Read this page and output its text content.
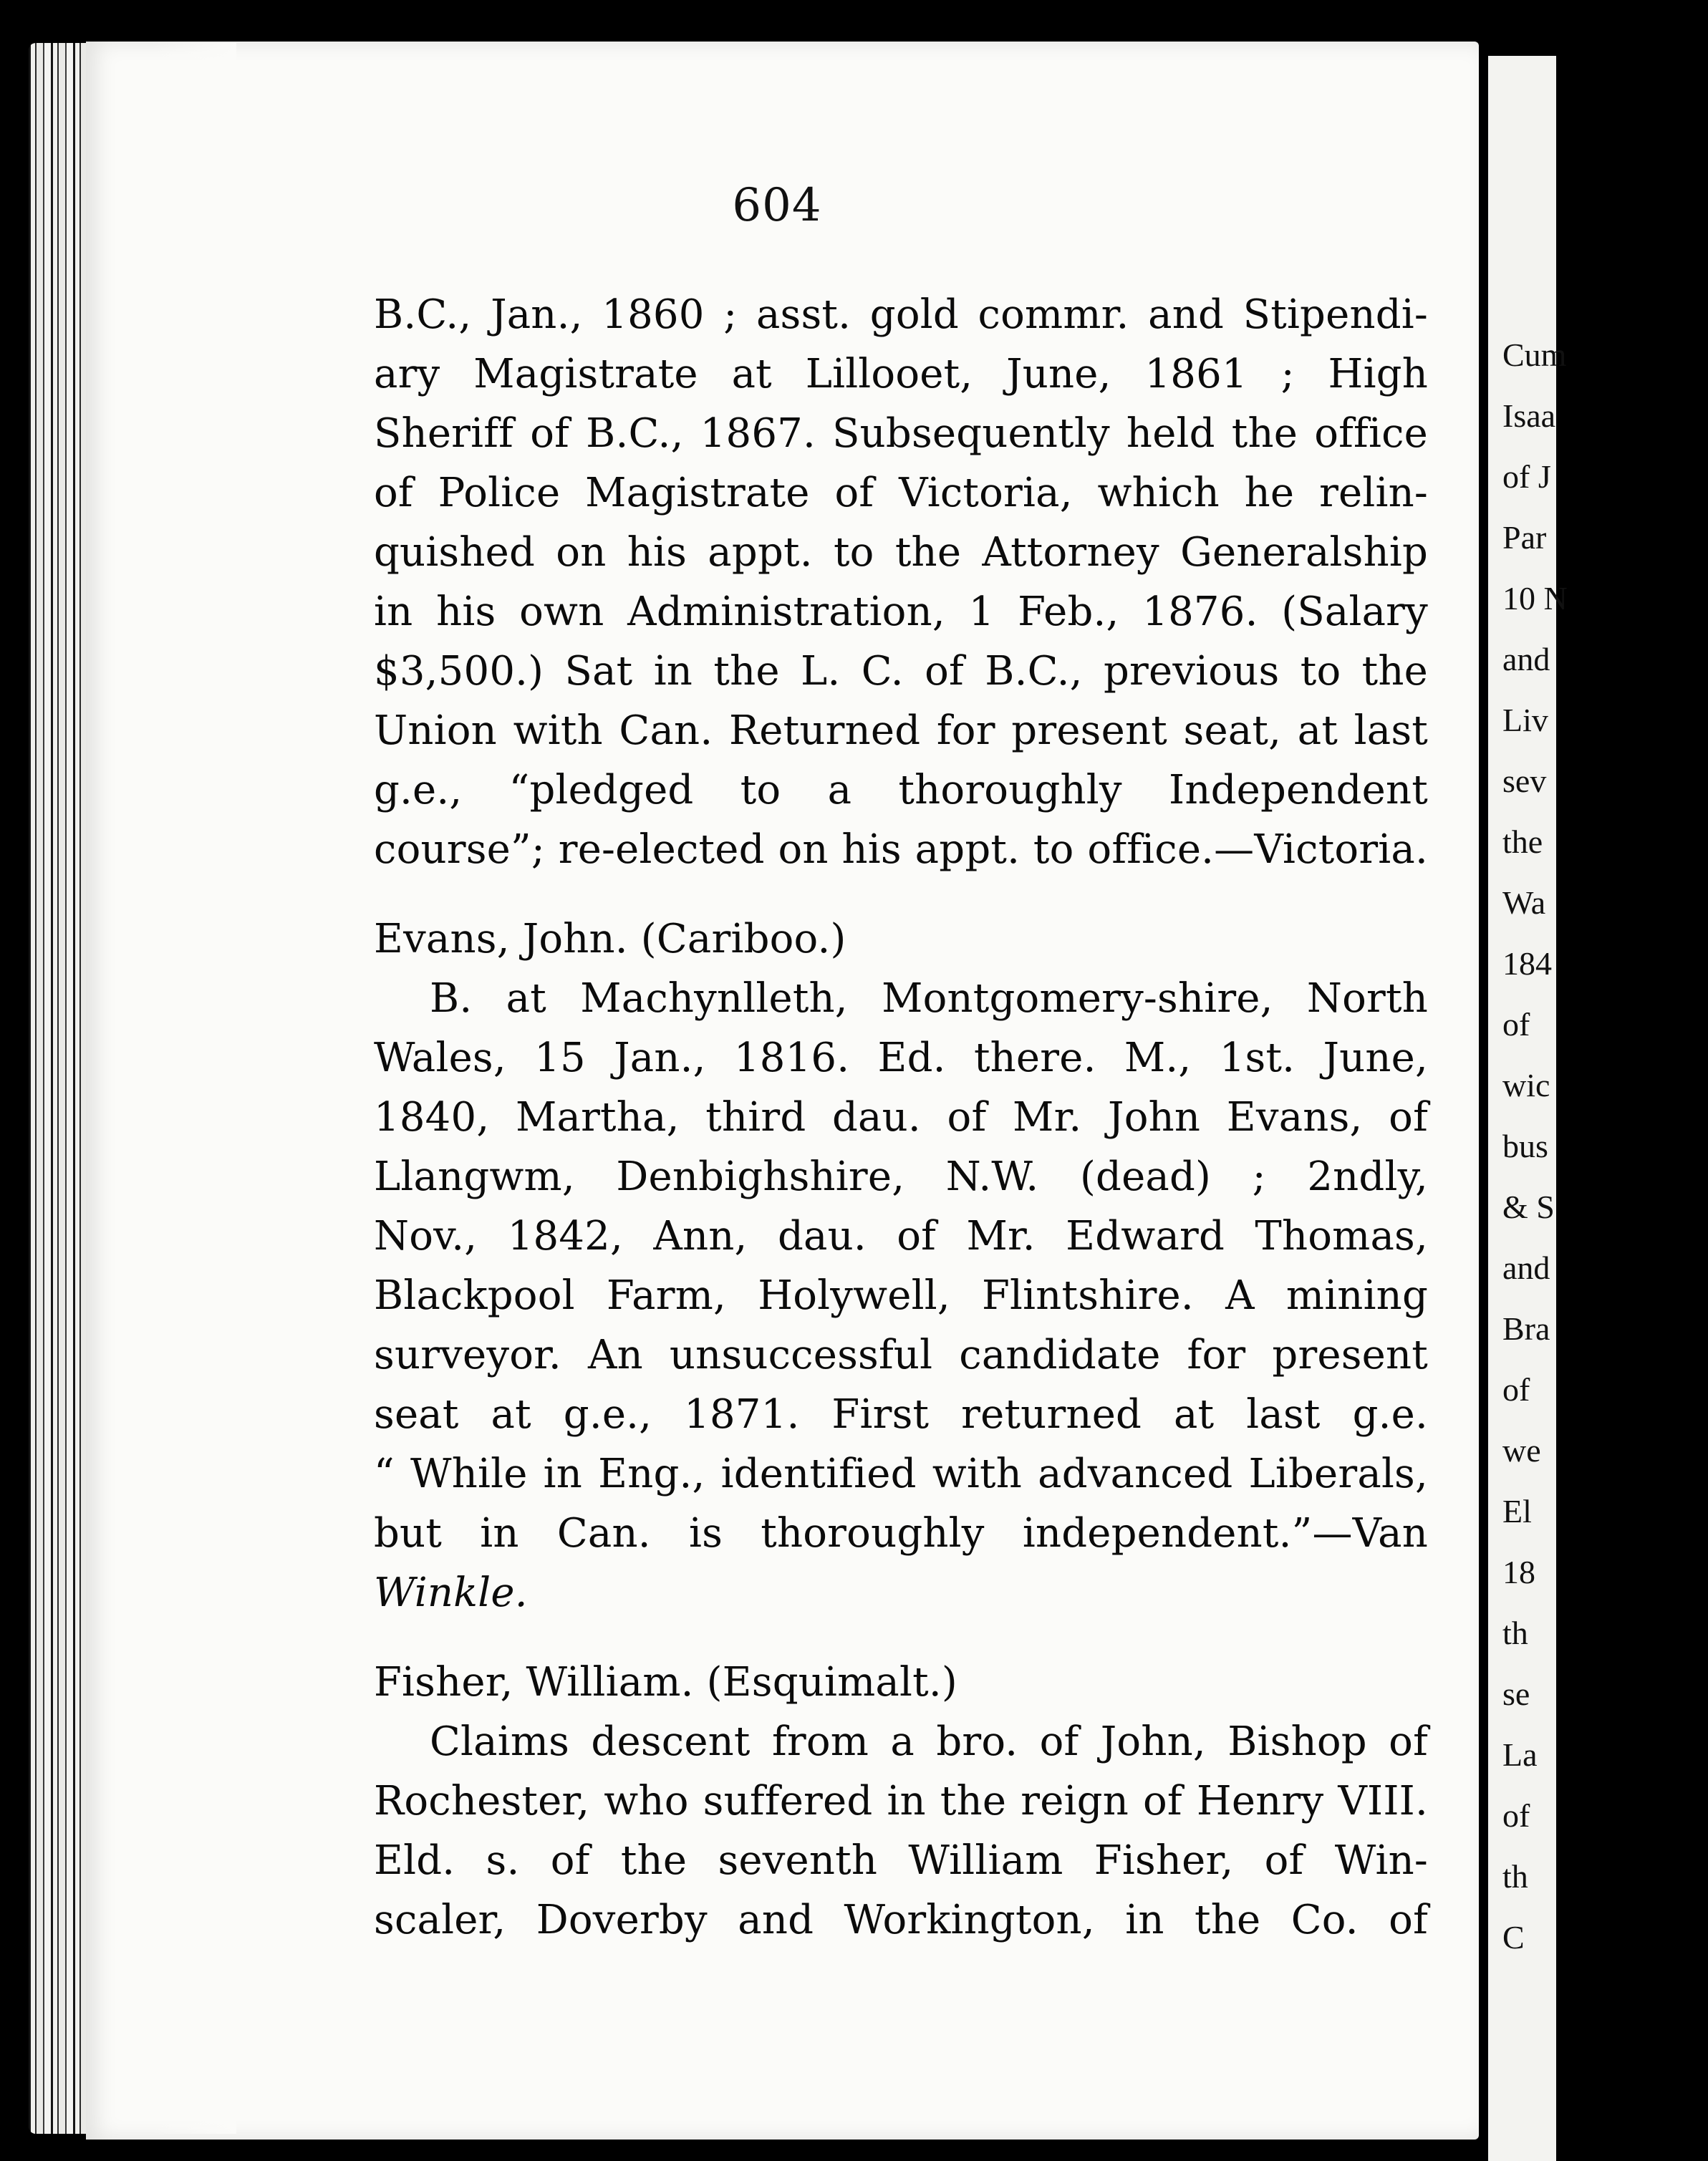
604
B.C., Jan., 1860 ; asst. gold commr. and Stipendi-
ary Magistrate at Lillooet, June, 1861 ; High
Sheriff of B.C., 1867. Subsequently held the office
of Police Magistrate of Victoria, which he relin-
quished on his appt. to the Attorney Generalship
in his own Administration, 1 Feb., 1876. (Salary
$3,500.) Sat in the L. C. of B.C., previous to the
Union with Can. Returned for present seat, at last
g.e., “pledged to a thoroughly Independent
course”; re-elected on his appt. to office.—Victoria.
Evans, John. (Cariboo.)
B. at Machynlleth, Montgomery-shire, North
Wales, 15 Jan., 1816. Ed. there. M., 1st. June,
1840, Martha, third dau. of Mr. John Evans, of
Llangwm, Denbighshire, N.W. (dead) ; 2ndly,
Nov., 1842, Ann, dau. of Mr. Edward Thomas,
Blackpool Farm, Holywell, Flintshire. A mining
surveyor. An unsuccessful candidate for present
seat at g.e., 1871. First returned at last g.e.
“ While in Eng., identified with advanced Liberals,
but in Can. is thoroughly independent.”—Van
Winkle.
Fisher, William. (Esquimalt.)
Claims descent from a bro. of John, Bishop of
Rochester, who suffered in the reign of Henry VIII.
Eld. s. of the seventh William Fisher, of Win-
scaler, Doverby and Workington, in the Co. of
Cum
Isaa
of J
Par
10 N
and
Liv
sev
the
Wa
184
of
wic
bus
& S
and
Bra
of
we
El
18
th
se
La
of
th
C
